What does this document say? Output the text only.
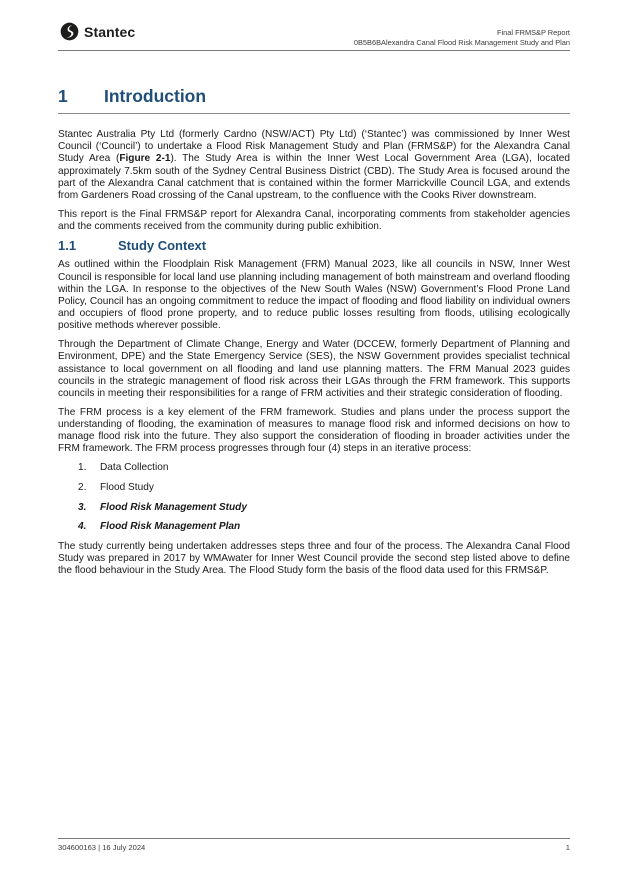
Stantec	Final FRMS&P Report
0B5B6BAlexandra Canal Flood Risk Management Study and Plan
1 Introduction

Stantec Australia Pty Ltd (formerly Cardno (NSW/ACT) Pty Ltd) (‘Stantec’) was commissioned by Inner West Council (‘Council’) to undertake a Flood Risk Management Study and Plan (FRMS&P) for the Alexandra Canal Study Area (Figure 2-1). The Study Area is within the Inner West Local Government Area (LGA), located approximately 7.5km south of the Sydney Central Business District (CBD). The Study Area is focused around the part of the Alexandra Canal catchment that is contained within the former Marrickville Council LGA, and extends from Gardeners Road crossing of the Canal upstream, to the confluence with the Cooks River downstream.

This report is the Final FRMS&P report for Alexandra Canal, incorporating comments from stakeholder agencies and the comments received from the community during public exhibition.

1.1	Study Context

As outlined within the Floodplain Risk Management (FRM) Manual 2023, like all councils in NSW, Inner West Council is responsible for local land use planning including management of both mainstream and overland flooding within the LGA. In response to the objectives of the New South Wales (NSW) Government’s Flood Prone Land Policy, Council has an ongoing commitment to reduce the impact of flooding and flood liability on individual owners and occupiers of flood prone property, and to reduce public losses resulting from floods, utilising ecologically positive methods wherever possible.

Through the Department of Climate Change, Energy and Water (DCCEW, formerly Department of Planning and Environment, DPE) and the State Emergency Service (SES), the NSW Government provides specialist technical assistance to local government on all flooding and land use planning matters. The FRM Manual 2023 guides councils in the strategic management of flood risk across their LGAs through the FRM framework. This supports councils in meeting their responsibilities for a range of FRM activities and their strategic consideration of flooding.

The FRM process is a key element of the FRM framework. Studies and plans under the process support the understanding of flooding, the examination of measures to manage flood risk and informed decisions on how to manage flood risk into the future. They also support the consideration of flooding in broader activities under the FRM framework. The FRM process progresses through four (4) steps in an iterative process:

1.	Data Collection
2.	Flood Study
3.	Flood Risk Management Study
4.	Flood Risk Management Plan

The study currently being undertaken addresses steps three and four of the process. The Alexandra Canal Flood Study was prepared in 2017 by WMAwater for Inner West Council provide the second step listed above to define the flood behaviour in the Study Area. The Flood Study form the basis of the flood data used for this FRMS&P.

304600163 | 16 July 2024	1
